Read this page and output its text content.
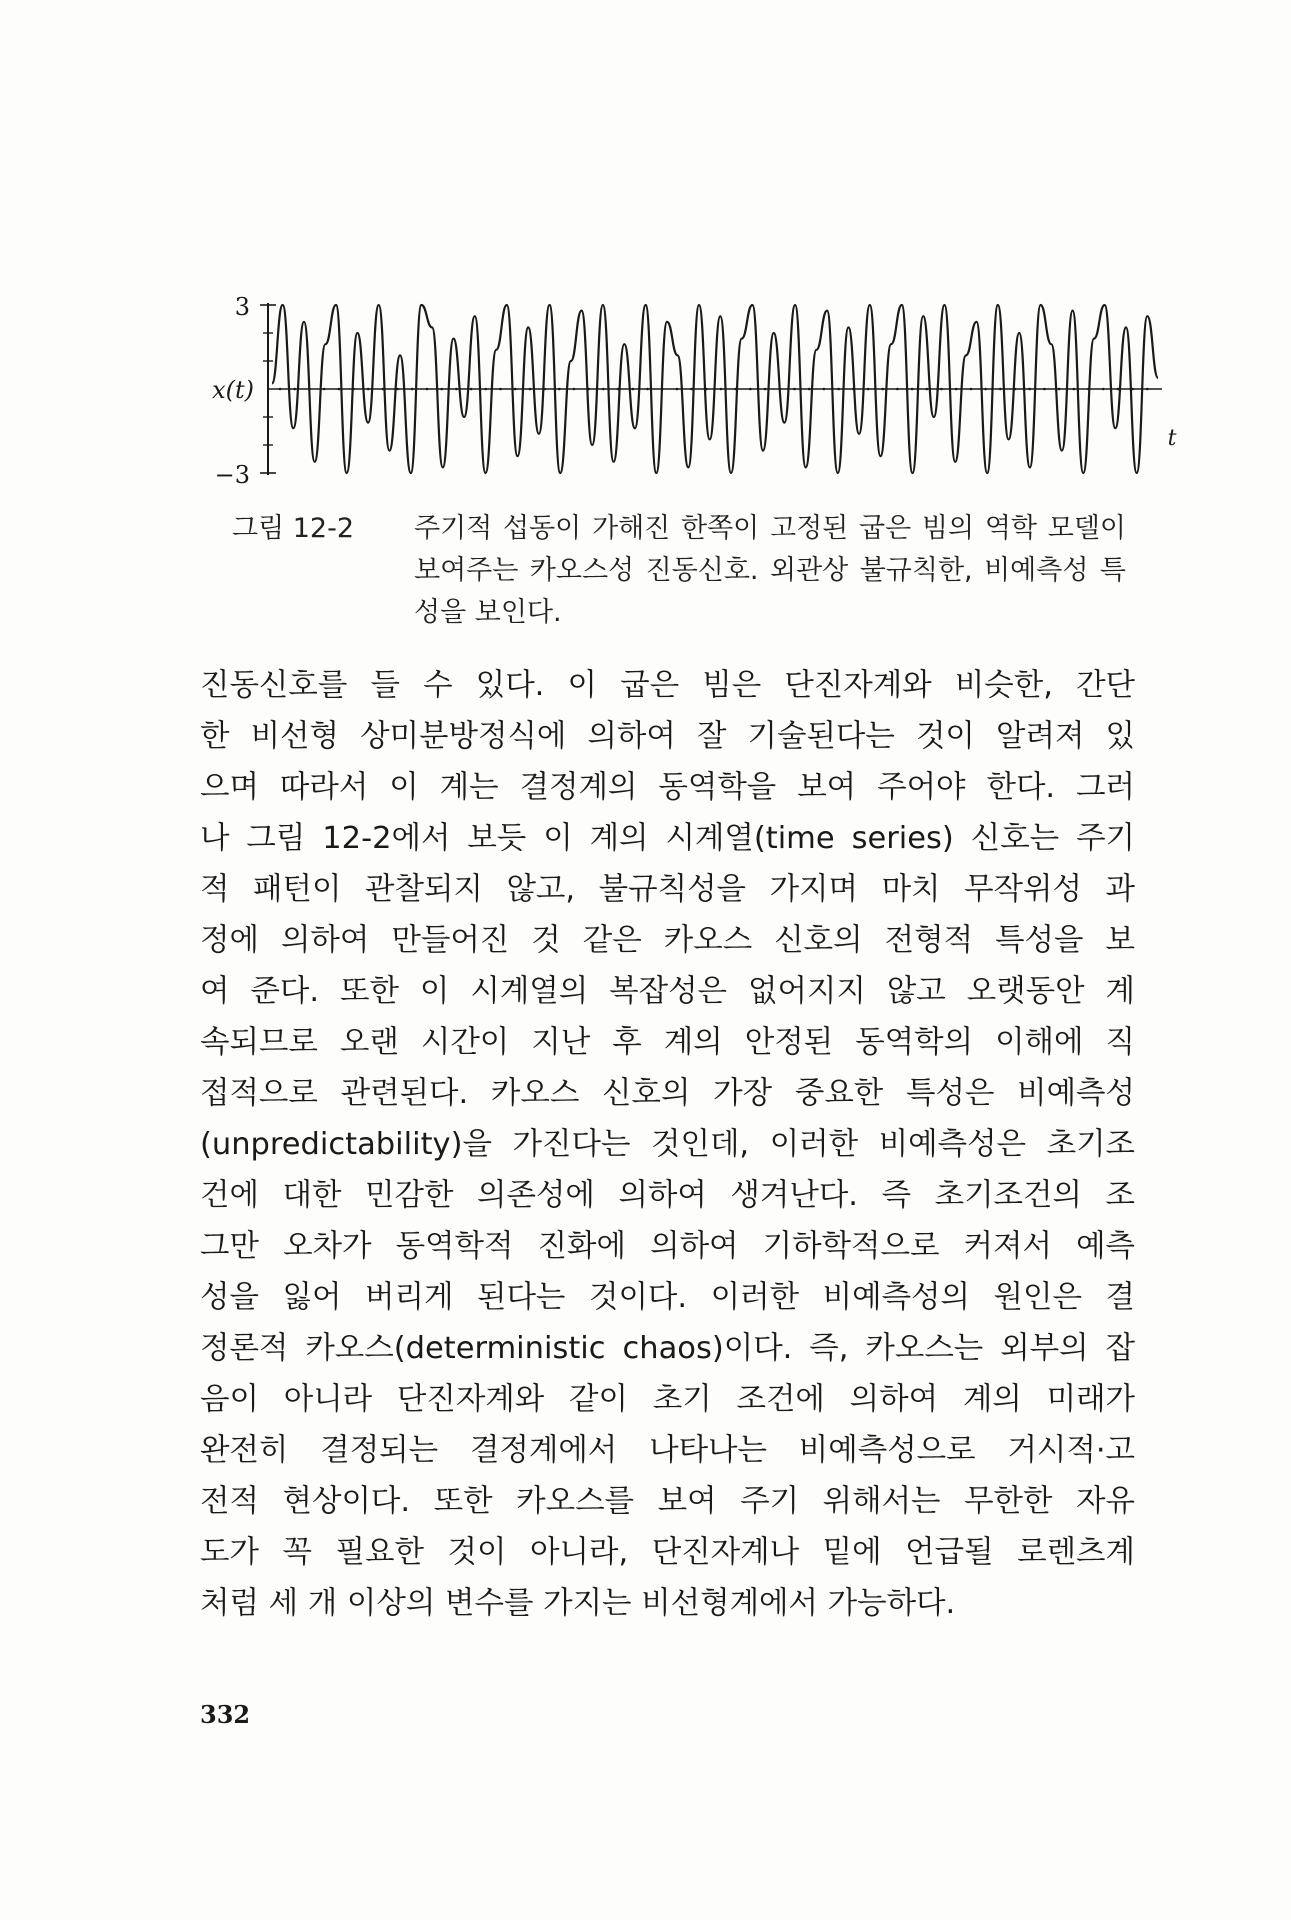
3
−3
x(t)
t
그림 12-2 주기적 섭동이 가해진 한쪽이 고정된 굽은 빔의 역학 모델이 보여주는 카오스성 진동신호. 외관상 불규칙한, 비예측성 특성을 보인다.
진동신호를 들 수 있다. 이 굽은 빔은 단진자계와 비슷한, 간단
한 비선형 상미분방정식에 의하여 잘 기술된다는 것이 알려져 있
으며 따라서 이 계는 결정계의 동역학을 보여 주어야 한다. 그러
나 그림 12-2에서 보듯 이 계의 시계열(time series) 신호는 주기
적 패턴이 관찰되지 않고, 불규칙성을 가지며 마치 무작위성 과
정에 의하여 만들어진 것 같은 카오스 신호의 전형적 특성을 보
여 준다. 또한 이 시계열의 복잡성은 없어지지 않고 오랫동안 계
속되므로 오랜 시간이 지난 후 계의 안정된 동역학의 이해에 직
접적으로 관련된다. 카오스 신호의 가장 중요한 특성은 비예측성
(unpredictability)을 가진다는 것인데, 이러한 비예측성은 초기조
건에 대한 민감한 의존성에 의하여 생겨난다. 즉 초기조건의 조
그만 오차가 동역학적 진화에 의하여 기하학적으로 커져서 예측
성을 잃어 버리게 된다는 것이다. 이러한 비예측성의 원인은 결
정론적 카오스(deterministic chaos)이다. 즉, 카오스는 외부의 잡
음이 아니라 단진자계와 같이 초기 조건에 의하여 계의 미래가
완전히 결정되는 결정계에서 나타나는 비예측성으로 거시적·고
전적 현상이다. 또한 카오스를 보여 주기 위해서는 무한한 자유
도가 꼭 필요한 것이 아니라, 단진자계나 밑에 언급될 로렌츠계
처럼 세 개 이상의 변수를 가지는 비선형계에서 가능하다.
332
